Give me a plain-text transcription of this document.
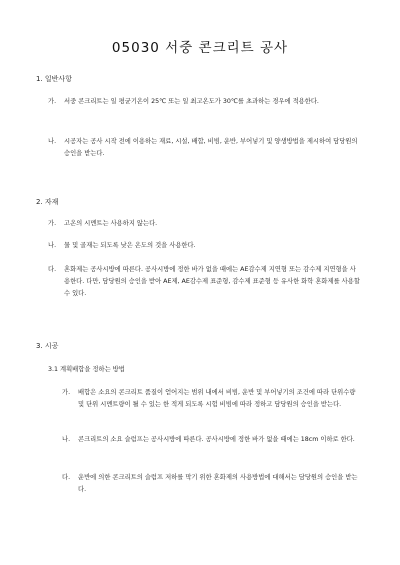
05030 서중 콘크리트 공사
1. 일반사항
가.	서중 콘크리트는 일 평균기온이 25℃ 또는 일 최고온도가 30℃를 초과하는 경우에 적용한다.
나.	시공자는 공사 시작 전에 이용하는 재료, 시설, 배합, 비빔, 운반, 부어넣기 및 양생방법을 제시하여 담당원의 승인을 받는다.
2. 자재
가.	고온의 시멘트는 사용하지 않는다.
나.	물 및 골재는 되도록 낮은 온도의 것을 사용한다.
다.	혼화제는 공사시방에 따른다. 공사시방에 정한 바가 없을 때에는 AE감수제 지연형 또는 감수제 지연형을 사용한다. 다만, 담당원의 승인을 받아 AE제, AE감수제 표준형, 감수제 표준형 등 유사한 화학 혼화제를 사용할 수 있다.
3. 시공
3.1 계획배합을 정하는 방법
가.	배합은 소요의 콘크리트 품질이 얻어지는 범위 내에서 비빔, 운반 및 부어넣기의 조건에 따라 단위수량 및 단위 시멘트량이 될 수 있는 한 적게 되도록 시험 비빔에 따라 정하고 담당원의 승인을 받는다.
나.	콘크리트의 소요 슬럼프는 공사시방에 따른다. 공사시방에 정한 바가 없을 때에는 18cm 이하로 한다.
다.	운반에 의한 콘크리트의 슬럼프 저하를 막기 위한 혼화제의 사용방법에 대해서는 담당원의 승인을 받는다.
